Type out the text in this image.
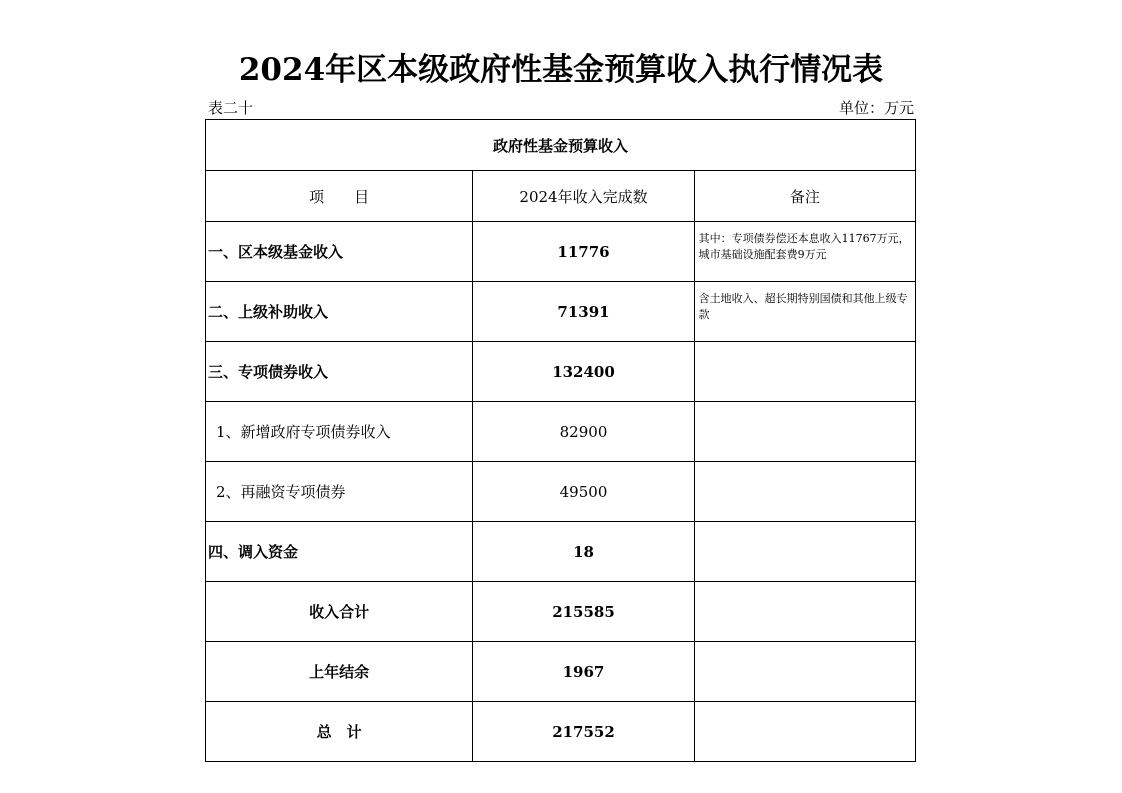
2024年区本级政府性基金预算收入执行情况表
表二十	单位：万元
政府性基金预算收入		
项　　目	2024年收入完成数	备注
一、区本级基金收入	11776	其中：专项债券偿还本息收入11767万元，城市基础设施配套费9万元
二、上级补助收入	71391	含土地收入、超长期特别国债和其他上级专款
三、专项债券收入	132400	
1、新增政府专项债券收入	82900	
2、再融资专项债券	49500	
四、调入资金	18	
收入合计	215585	
上年结余	1967	
总　计	217552	
